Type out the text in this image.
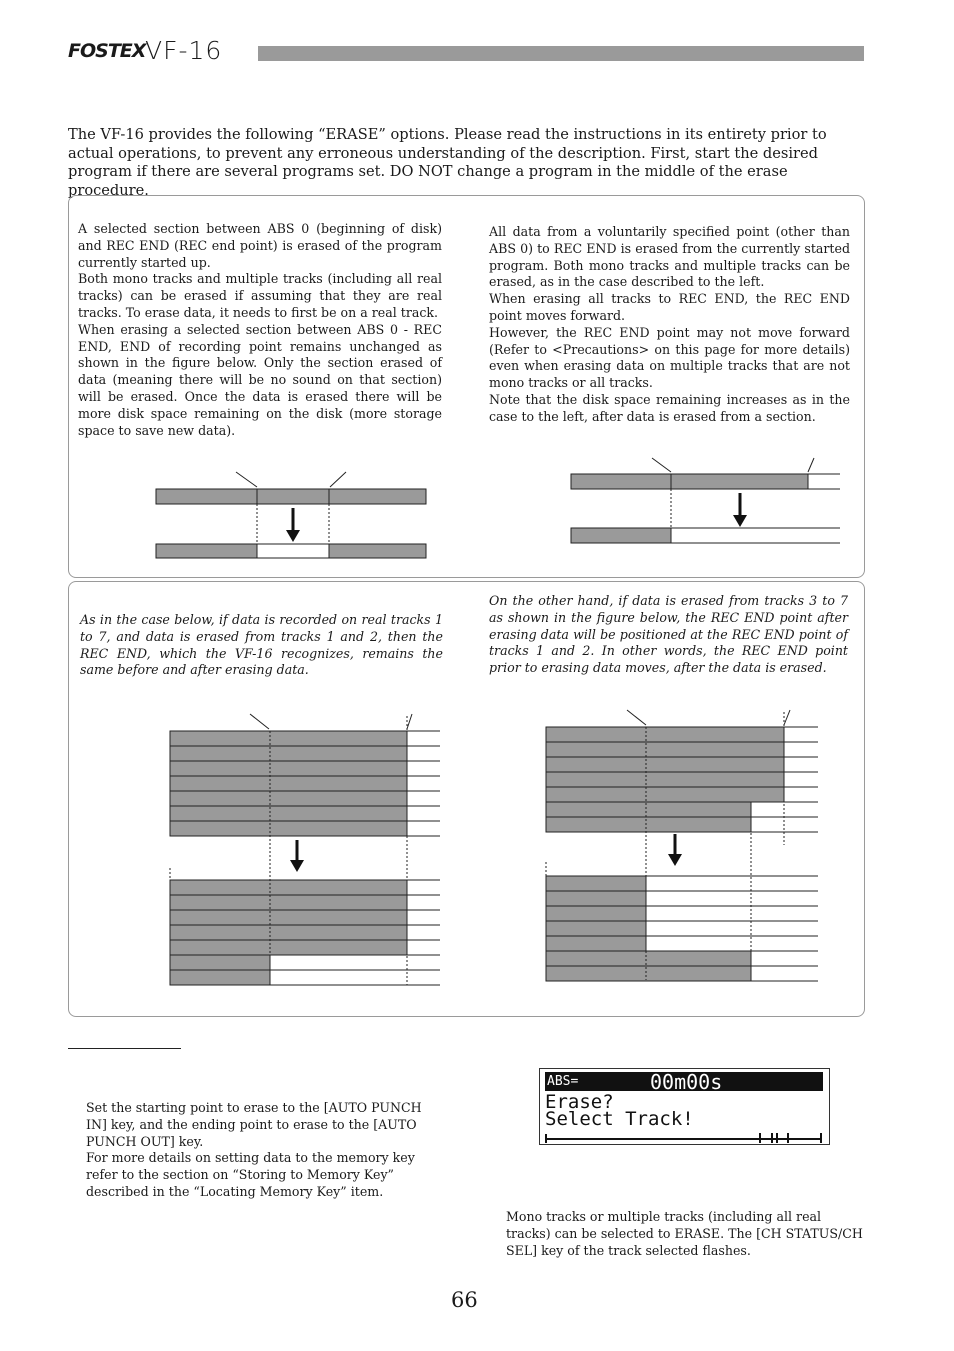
FOSTEX VF-16
The VF-16 provides the following “ERASE” options. Please read the instructions in its entirety prior to actual operations, to prevent any erroneous understanding of the description. First, start the desired program if there are several programs set. DO NOT change a program in the middle of the erase procedure.

A selected section between ABS 0 (beginning of disk) and REC END (REC end point) is erased of the program currently started up.

Both mono tracks and multiple tracks (including all real tracks) can be erased if assuming that they are real tracks. To erase data, it needs to first be on a real track.

When erasing a selected section between ABS 0 - REC END, END of recording point remains unchanged as shown in the figure below. Only the section erased of data (meaning there will be no sound on that section) will be erased. Once the data is erased there will be more disk space remaining on the disk (more storage space to save new data).

All data from a voluntarily specified point (other than ABS 0) to REC END is erased from the currently started program. Both mono tracks and multiple tracks can be erased, as in the case described to the left.

When erasing all tracks to REC END, the REC END point moves forward.

However, the REC END point may not move forward (Refer to <Precautions> on this page for more details) even when erasing data on multiple tracks that are not mono tracks or all tracks.

Note that the disk space remaining increases as in the case to the left, after data is erased from a section.

As in the case below, if data is recorded on real tracks 1 to 7, and data is erased from tracks 1 and 2, then the REC END, which the VF-16 recognizes, remains the same before and after erasing data.
On the other hand, if data is erased from tracks 3 to 7 as shown in the figure below, the REC END point after erasing data will be positioned at the REC END point of tracks 1 and 2. In other words, the REC END point prior to erasing data moves, after the data is erased.

Set the starting point to erase to the [AUTO PUNCH IN] key, and the ending point to erase to the [AUTO PUNCH OUT] key.

For more details on setting data to the memory key refer to the section on “Storing to Memory Key” described in the “Locating Memory Key” item.

ABS=	00m00s
Erase?
Select Track!
Mono tracks or multiple tracks (including all real tracks) can be selected to ERASE. The [CH STATUS/CH SEL] key of the track selected flashes.
66
